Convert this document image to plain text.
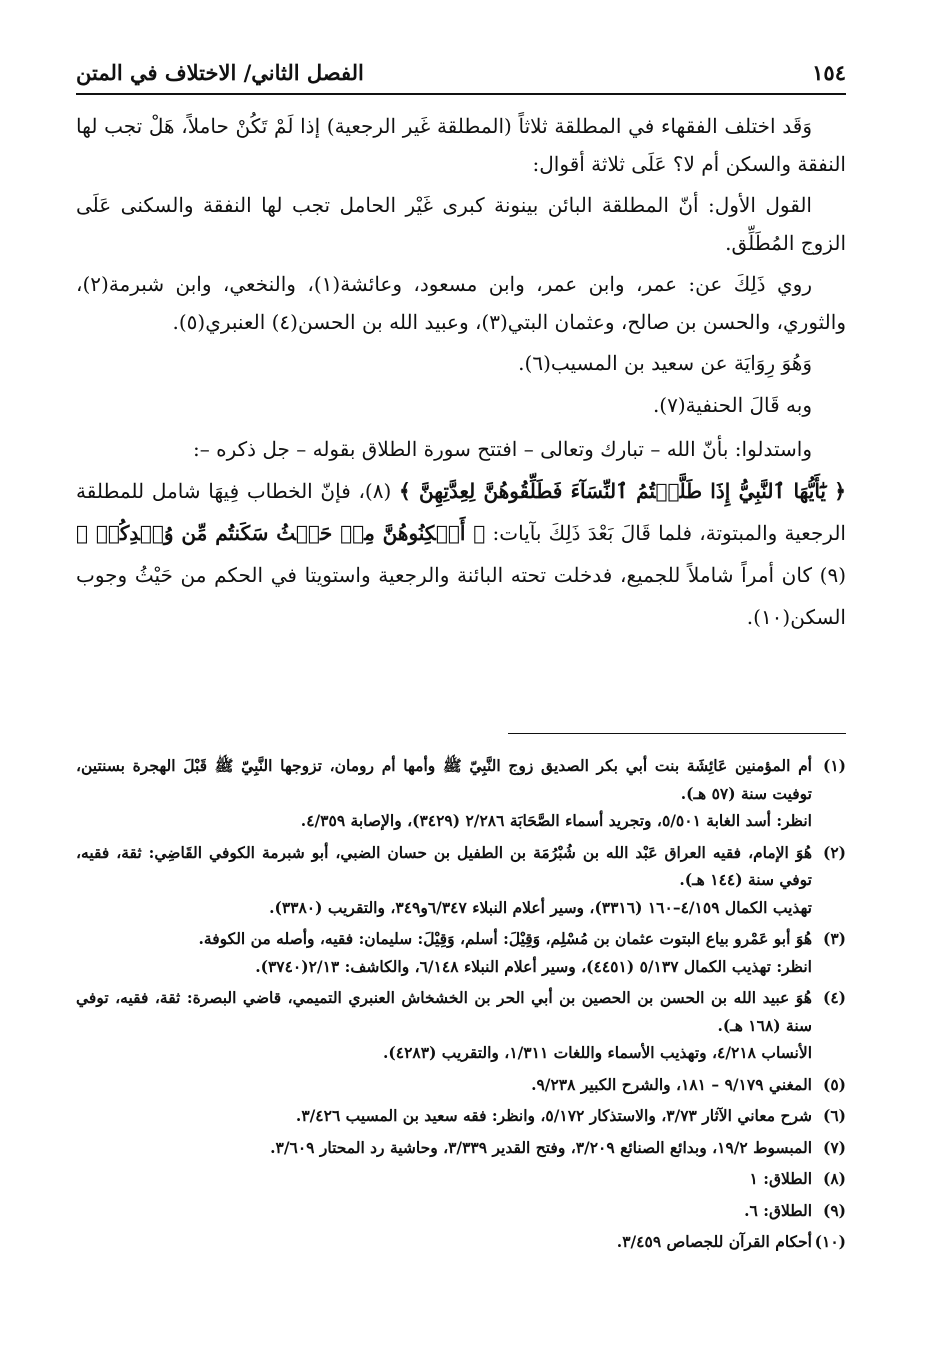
١٥٤
الفصل الثاني/ الاختلاف في المتن

وَقَد اختلف الفقهاء في المطلقة ثلاثاً (المطلقة غَير الرجعية) إذا لَمْ تَكُنْ حاملاً، هَلْ تجب لها النفقة والسكن أم لا؟ عَلَى ثلاثة أقوال:

القول الأول: أنّ المطلقة البائن بينونة كبرى غَيْر الحامل تجب لها النفقة والسكنى عَلَى الزوج المُطَلِّق.

روي ذَلِكَ عن: عمر، وابن عمر، وابن مسعود، وعائشة(١)، والنخعي، وابن شبرمة(٢)، والثوري، والحسن بن صالح، وعثمان البتي(٣)، وعبيد الله بن الحسن(٤) العنبري(٥).

وَهُوَ رِوَايَة عن سعيد بن المسيب(٦).

وبه قَالَ الحنفية(٧).

واستدلوا: بأنّ الله – تبارك وتعالى – افتتح سورة الطلاق بقوله – جل ذكره –:
﴿ يَٰٓأَيُّهَا ٱلنَّبِيُّ إِذَا طَلَّقۡتُمُ ٱلنِّسَآءَ فَطَلِّقُوهُنَّ لِعِدَّتِهِنَّ ﴾ (٨)، فإنّ الخطاب فِيهَا شامل للمطلقة الرجعية والمبتوتة، فلما قَالَ بَعْدَ ذَلِكَ بآيات: ﴿ أَسۡكِنُوهُنَّ مِنۡ حَيۡثُ سَكَنتُم مِّن وُجۡدِكُمۡ ﴾(٩) كان أمراً شاملاً للجميع، فدخلت تحته البائنة والرجعية واستويتا في الحكم من حَيْثُ وجوب السكن(١٠).

(١)
أم المؤمنين عَائِشَة بنت أبي بكر الصديق زوج النَّبِيّ ﷺ وأمها أم رومان، تزوجها النَّبِيّ ﷺ قَبْلَ الهجرة بسنتين، توفيت سنة (٥٧ هـ).
انظر: أسد الغابة ٥/٥٠١، وتجريد أسماء الصَّحَابَة ٢/٢٨٦ (٣٤٢٩)، والإصابة ٤/٣٥٩.
(٢)
هُوَ الإمام، فقيه العراق عَبْد الله بن شُبْرُمَة بن الطفيل بن حسان الضبي، أبو شبرمة الكوفي القَاضِي: ثقة، فقيه، توفي سنة (١٤٤ هـ).
تهذيب الكمال ٤/١٥٩–١٦٠ (٣٣١٦)، وسير أعلام النبلاء ٦/٣٤٧و٣٤٩، والتقريب (٣٣٨٠).
(٣)
هُوَ أبو عَمْرو بياع البتوت عثمان بن مُسْلِم، وَقِيْلَ: أسلم، وَقِيْلَ: سليمان: فقيه، وأصله من الكوفة.
انظر: تهذيب الكمال ٥/١٣٧ (٤٤٥١)، وسير أعلام النبلاء ٦/١٤٨، والكاشف: ٢/١٣(٣٧٤٠).
(٤)
هُوَ عبيد الله بن الحسن بن الحصين بن أبي الحر بن الخشخاش العنبري التميمي، قاضي البصرة: ثقة، فقيه، توفي سنة (١٦٨ هـ).
الأنساب ٤/٢١٨، وتهذيب الأسماء واللغات ١/٣١١، والتقريب (٤٢٨٣).
(٥)
المغني ٩/١٧٩ – ١٨١، والشرح الكبير ٩/٢٣٨.
(٦)
شرح معاني الآثار ٣/٧٣، والاستذكار ٥/١٧٢، وانظر: فقه سعيد بن المسيب ٣/٤٢٦.
(٧)
المبسوط ١٩/٢، وبدائع الصنائع ٣/٢٠٩، وفتح القدير ٣/٣٣٩، وحاشية رد المحتار ٣/٦٠٩.
(٨)
الطلاق: ١
(٩)
الطلاق: ٦.
(١٠)
أحكام القرآن للجصاص ٣/٤٥٩.
